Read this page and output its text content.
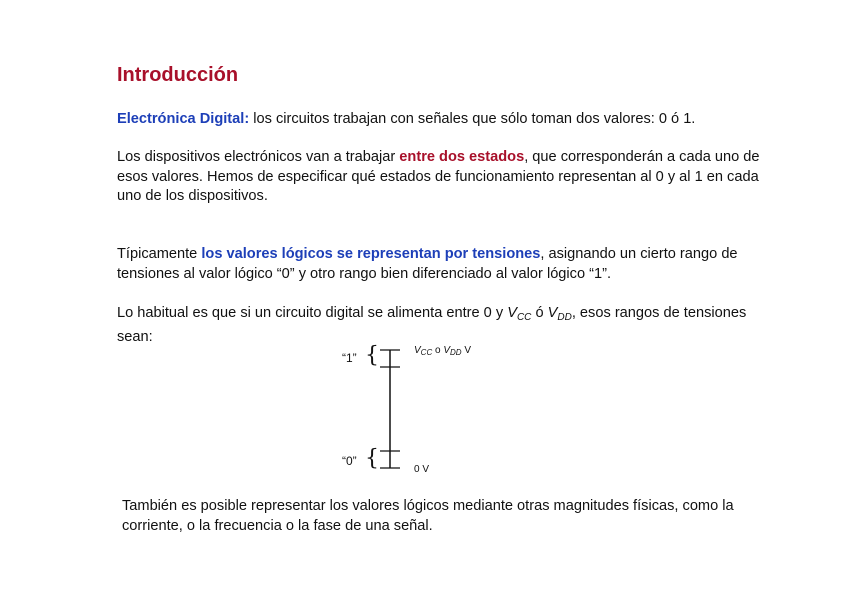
Introducción
Electrónica Digital: los circuitos trabajan con señales que sólo toman dos valores: 0 ó 1.
Los dispositivos electrónicos van a trabajar entre dos estados, que corresponderán a cada uno de esos valores. Hemos de especificar qué estados de funcionamiento representan al 0 y al 1 en cada uno de los dispositivos.
Típicamente los valores lógicos se representan por tensiones, asignando un cierto rango de tensiones al valor lógico “0” y otro rango bien diferenciado al valor lógico “1”.
Lo habitual es que si un circuito digital se alimenta entre 0 y $V_{CC}$ ó $V_{DD}$, esos rangos de tensiones sean:
“1” {
“0” {
$V_{CC}$ o $V_{DD}$ V
0 V
También es posible representar los valores lógicos mediante otras magnitudes físicas, como la corriente, o la frecuencia o la fase de una señal.
